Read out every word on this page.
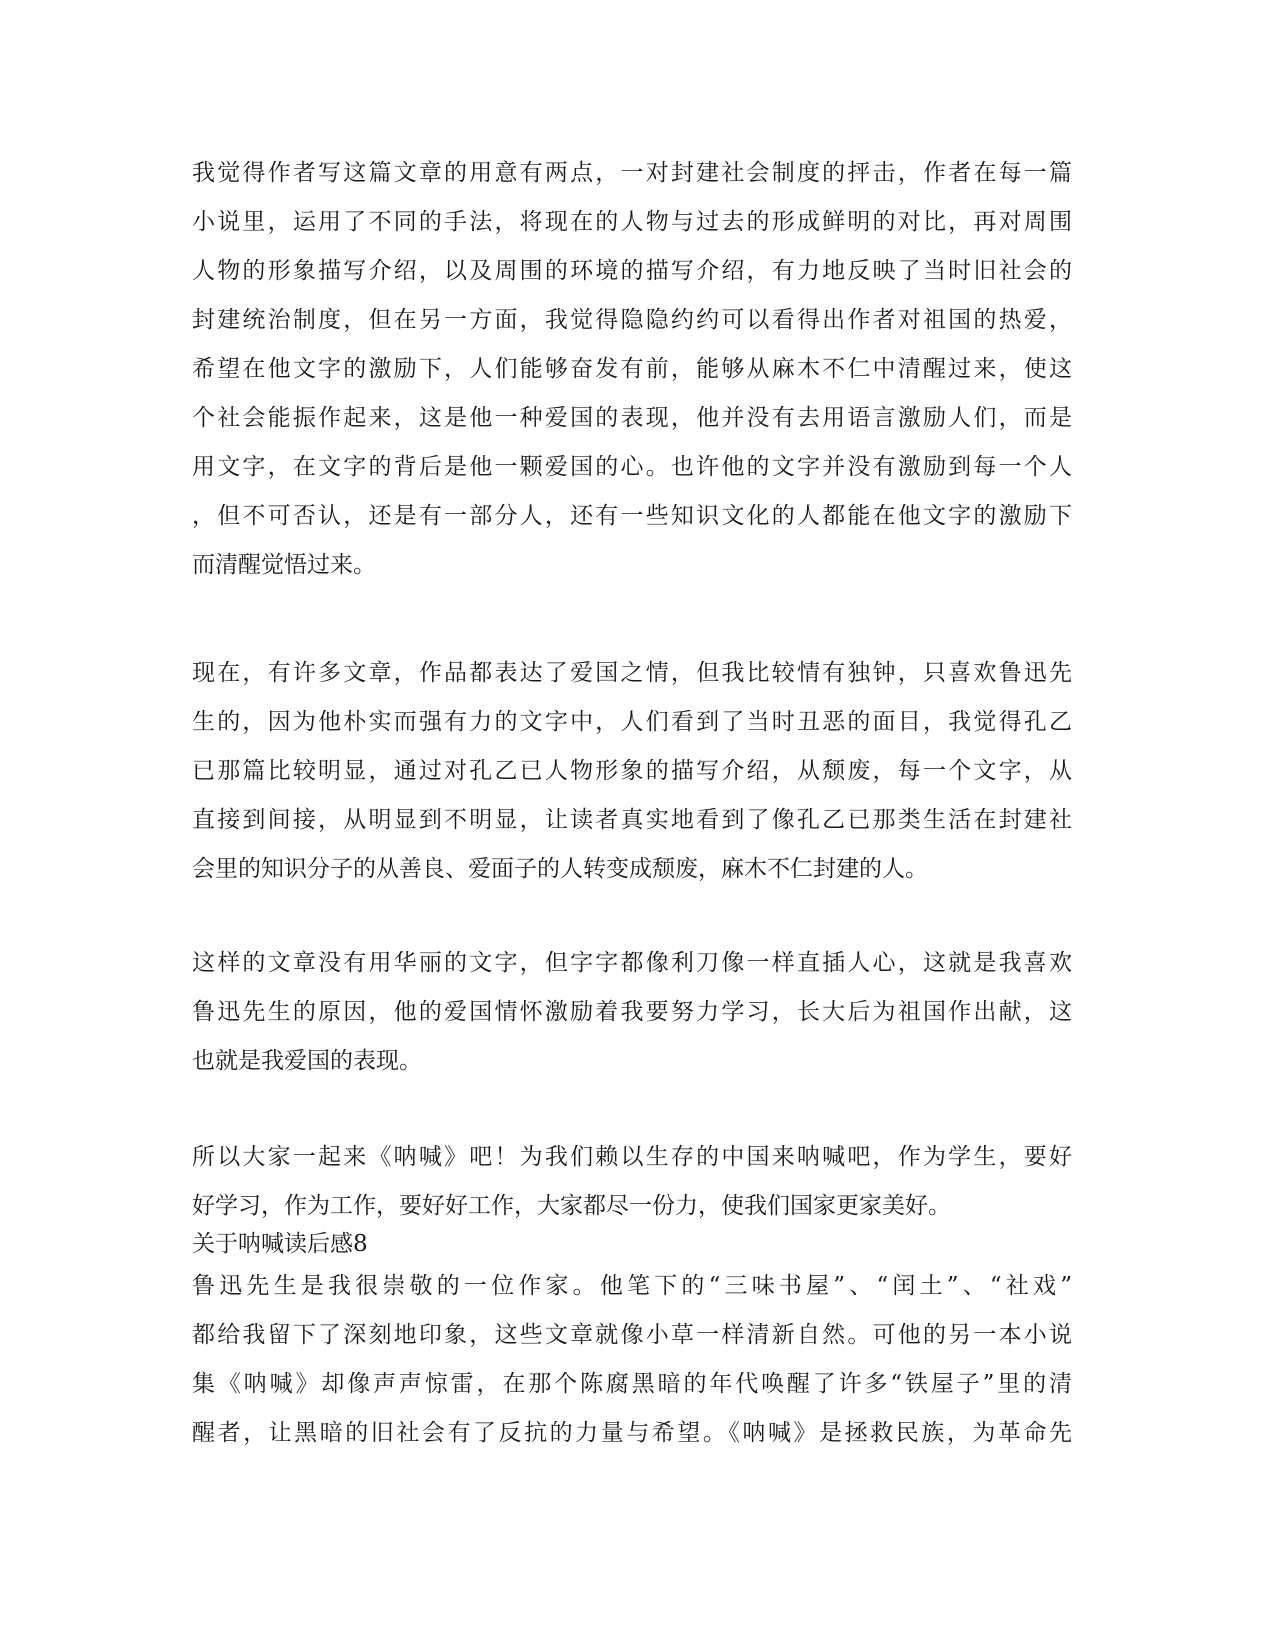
我觉得作者写这篇文章的用意有两点，一对封建社会制度的抨击，作者在每一篇
小说里，运用了不同的手法，将现在的人物与过去的形成鲜明的对比，再对周围
人物的形象描写介绍，以及周围的环境的描写介绍，有力地反映了当时旧社会的
封建统治制度，但在另一方面，我觉得隐隐约约可以看得出作者对祖国的热爱，
希望在他文字的激励下，人们能够奋发有前，能够从麻木不仁中清醒过来，使这
个社会能振作起来，这是他一种爱国的表现，他并没有去用语言激励人们，而是
用文字，在文字的背后是他一颗爱国的心。也许他的文字并没有激励到每一个人
，但不可否认，还是有一部分人，还有一些知识文化的人都能在他文字的激励下
而清醒觉悟过来。
现在，有许多文章，作品都表达了爱国之情，但我比较情有独钟，只喜欢鲁迅先
生的，因为他朴实而强有力的文字中，人们看到了当时丑恶的面目，我觉得孔乙
已那篇比较明显，通过对孔乙已人物形象的描写介绍，从颓废，每一个文字，从
直接到间接，从明显到不明显，让读者真实地看到了像孔乙已那类生活在封建社
会里的知识分子的从善良、爱面子的人转变成颓废，麻木不仁封建的人。
这样的文章没有用华丽的文字，但字字都像利刀像一样直插人心，这就是我喜欢
鲁迅先生的原因，他的爱国情怀激励着我要努力学习，长大后为祖国作出献，这
也就是我爱国的表现。
所以大家一起来《呐喊》吧！为我们赖以生存的中国来呐喊吧，作为学生，要好
好学习，作为工作，要好好工作，大家都尽一份力，使我们国家更家美好。
关于呐喊读后感8
鲁迅先生是我很崇敬的一位作家。他笔下的“三味书屋”、“闰土”、“社戏”
都给我留下了深刻地印象，这些文章就像小草一样清新自然。可他的另一本小说
集《呐喊》却像声声惊雷，在那个陈腐黑暗的年代唤醒了许多“铁屋子”里的清
醒者，让黑暗的旧社会有了反抗的力量与希望。《呐喊》是拯救民族，为革命先
